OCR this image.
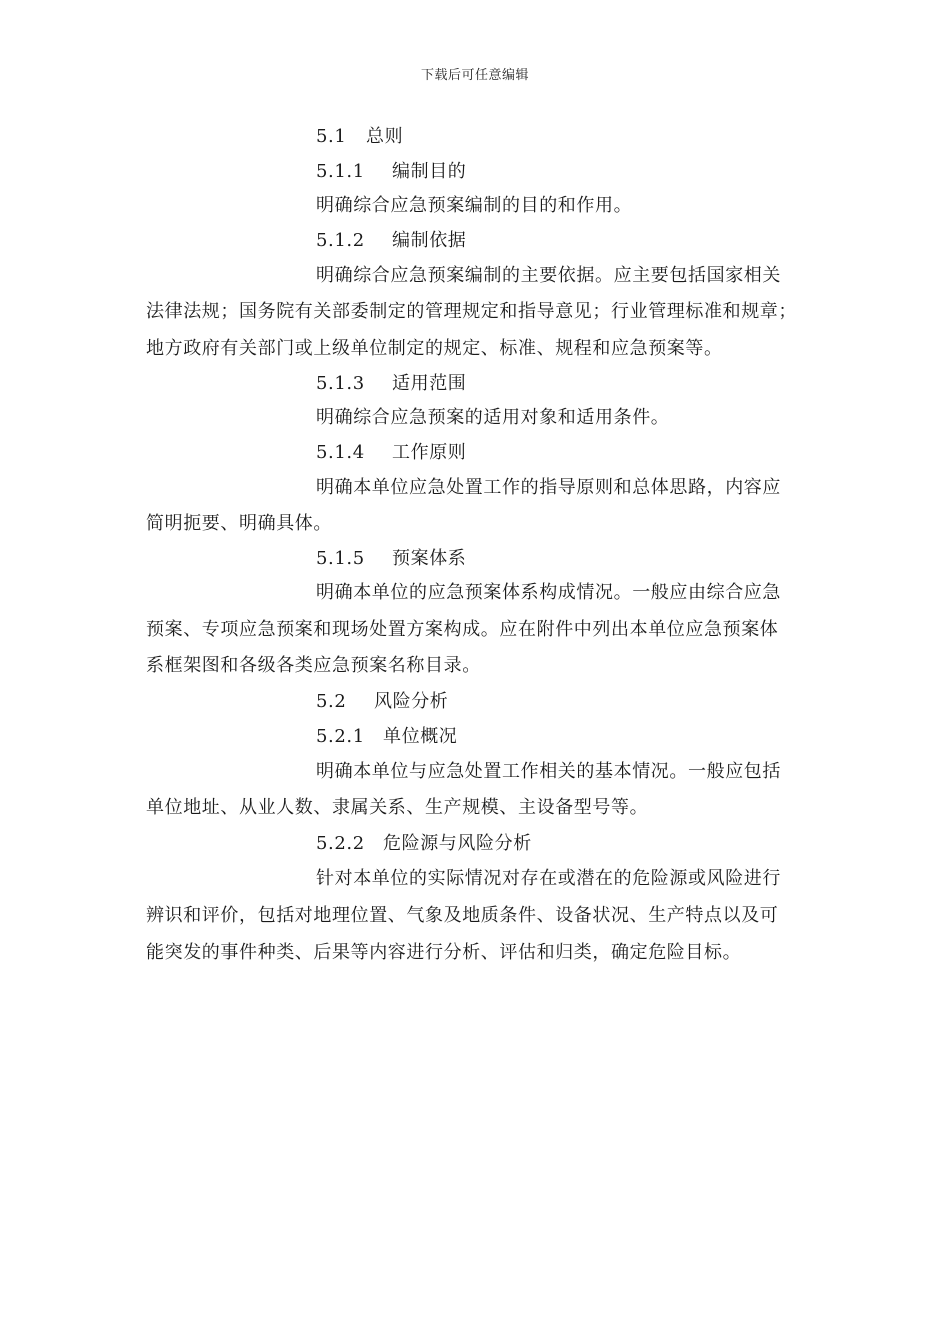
下载后可任意编辑
5.1 总则
5.1.1 编制目的
明确综合应急预案编制的目的和作用。
5.1.2 编制依据
明确综合应急预案编制的主要依据。应主要包括国家相关
法律法规；国务院有关部委制定的管理规定和指导意见；行业管理标准和规章；
地方政府有关部门或上级单位制定的规定、标准、规程和应急预案等。
5.1.3 适用范围
明确综合应急预案的适用对象和适用条件。
5.1.4 工作原则
明确本单位应急处置工作的指导原则和总体思路，内容应
简明扼要、明确具体。
5.1.5 预案体系
明确本单位的应急预案体系构成情况。一般应由综合应急
预案、专项应急预案和现场处置方案构成。应在附件中列出本单位应急预案体
系框架图和各级各类应急预案名称目录。
5.2 风险分析
5.2.1 单位概况
明确本单位与应急处置工作相关的基本情况。一般应包括
单位地址、从业人数、隶属关系、生产规模、主设备型号等。
5.2.2 危险源与风险分析
针对本单位的实际情况对存在或潜在的危险源或风险进行
辨识和评价，包括对地理位置、气象及地质条件、设备状况、生产特点以及可
能突发的事件种类、后果等内容进行分析、评估和归类，确定危险目标。
